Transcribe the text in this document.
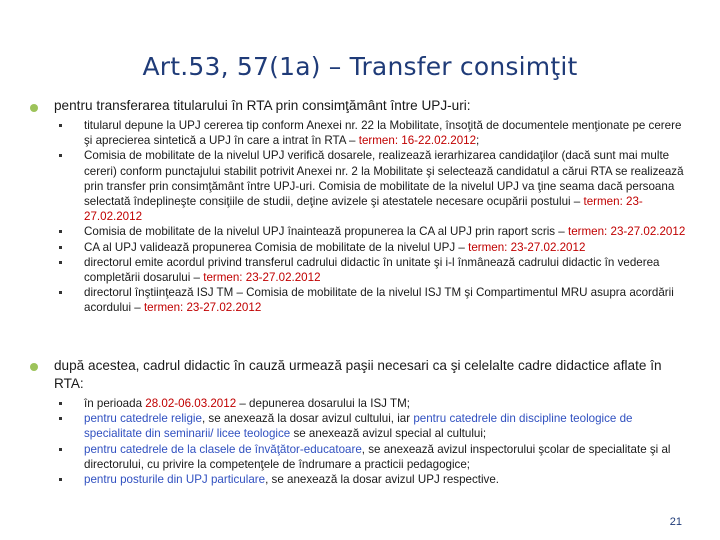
Art.53, 57(1a) – Transfer consimţit
pentru transferarea titularului în RTA prin consimţământ între UPJ-uri:
titularul depune la UPJ cererea tip conform Anexei nr. 22 la Mobilitate, însoţită de documentele menţionate pe cerere şi aprecierea sintetică a UPJ în care a intrat în RTA – termen: 16-22.02.2012;
Comisia de mobilitate de la nivelul UPJ verifică dosarele, realizează ierarhizarea candidaţilor (dacă sunt mai multe cereri) conform punctajului stabilit potrivit Anexei nr. 2 la Mobilitate şi selectează candidatul a cărui RTA se realizează prin transfer prin consimţământ între UPJ-uri. Comisia de mobilitate de la nivelul UPJ va ţine seama dacă persoana selectată îndeplineşte consiţiile de studii, deţine avizele şi atestatele necesare ocupării postului – termen: 23-27.02.2012
Comisia de mobilitate de la nivelul UPJ înaintează propunerea la CA al UPJ prin raport scris – termen: 23-27.02.2012
CA al UPJ validează propunerea Comisia de mobilitate de la nivelul UPJ – termen: 23-27.02.2012
directorul emite acordul privind transferul cadrului didactic în unitate şi i-l înmânează cadrului didactic în vederea completării dosarului – termen: 23-27.02.2012
directorul înştiinţează ISJ TM – Comisia de mobilitate de la nivelul ISJ TM şi Compartimentul MRU asupra acordării acordului – termen: 23-27.02.2012
după acestea, cadrul didactic în cauză urmează paşii necesari ca şi celelalte cadre didactice aflate în RTA:
în perioada 28.02-06.03.2012 – depunerea dosarului la ISJ TM;
pentru catedrele religie, se anexează la dosar avizul cultului, iar pentru catedrele din discipline teologice de specialitate din seminarii/ licee teologice se anexează avizul special al cultului;
pentru catedrele de la clasele de învăţător-educatoare, se anexează avizul inspectorului şcolar de specialitate şi al directorului, cu privire la competenţele de îndrumare a practicii pedagogice;
pentru posturile din UPJ particulare, se anexează la dosar avizul UPJ respective.
21
